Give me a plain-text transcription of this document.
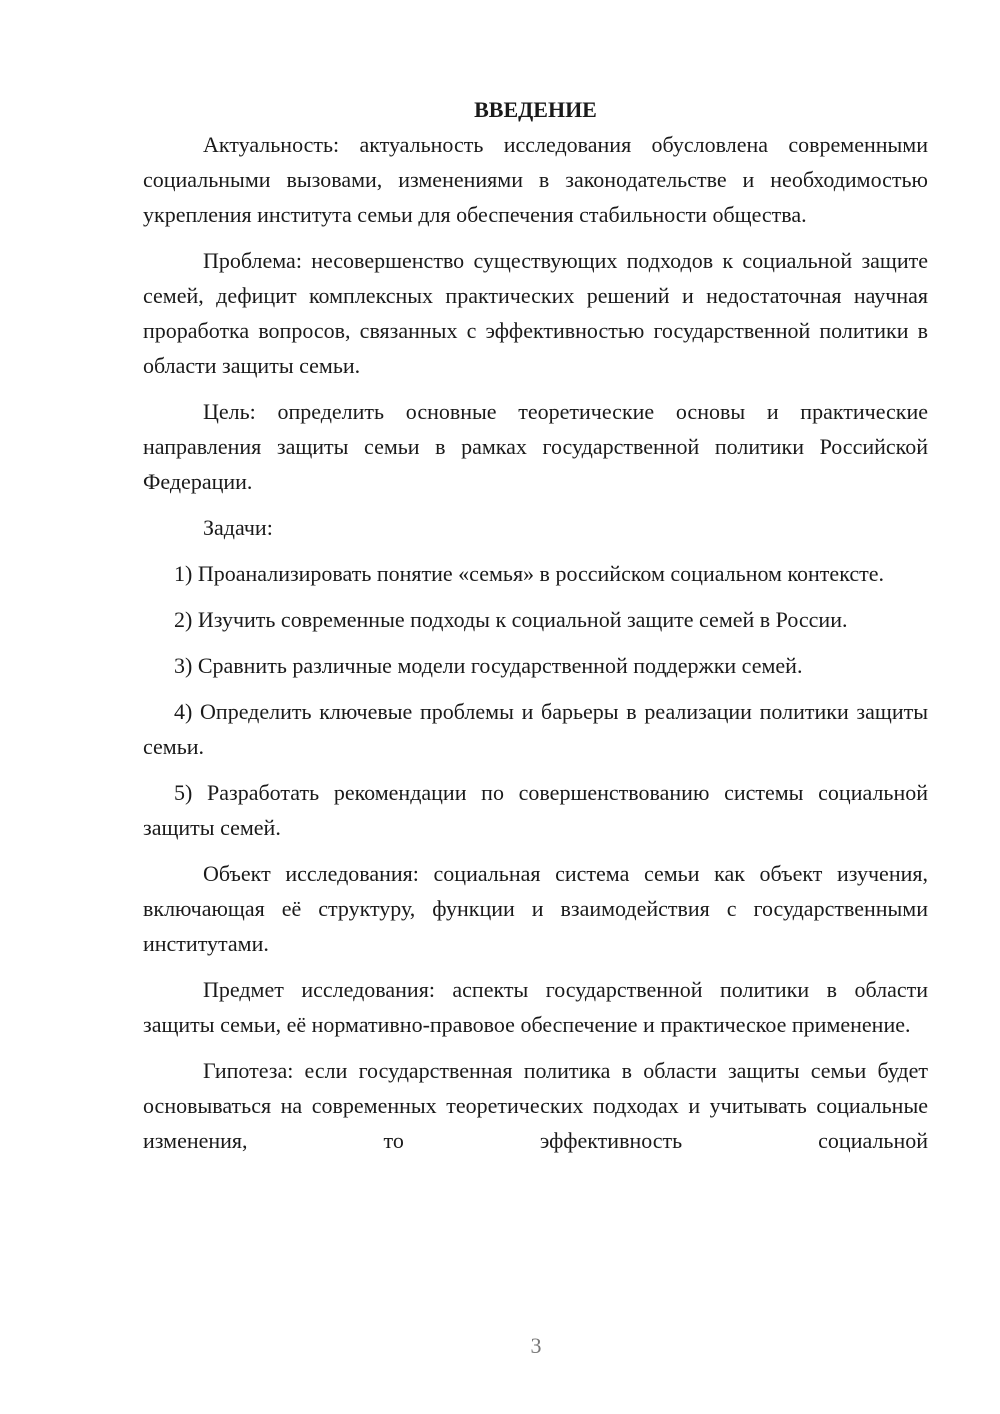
ВВЕДЕНИЕ

Актуальность: актуальность исследования обусловлена современными социальными вызовами, изменениями в законодательстве и необходимостью укрепления института семьи для обеспечения стабильности общества.

Проблема: несовершенство существующих подходов к социальной защите семей, дефицит комплексных практических решений и недостаточная научная проработка вопросов, связанных с эффективностью государственной политики в области защиты семьи.

Цель: определить основные теоретические основы и практические направления защиты семьи в рамках государственной политики Российской Федерации.

Задачи:

1) Проанализировать понятие «семья» в российском социальном контексте.

2) Изучить современные подходы к социальной защите семей в России.

3) Сравнить различные модели государственной поддержки семей.

4) Определить ключевые проблемы и барьеры в реализации политики защиты семьи.

5) Разработать рекомендации по совершенствованию системы социальной защиты семей.

Объект исследования: социальная система семьи как объект изучения, включающая её структуру, функции и взаимодействия с государственными институтами.

Предмет исследования: аспекты государственной политики в области защиты семьи, её нормативно-правовое обеспечение и практическое применение.

Гипотеза: если государственная политика в области защиты семьи будет основываться на современных теоретических подходах и учитывать социальные изменения, то эффективность социальной

3
